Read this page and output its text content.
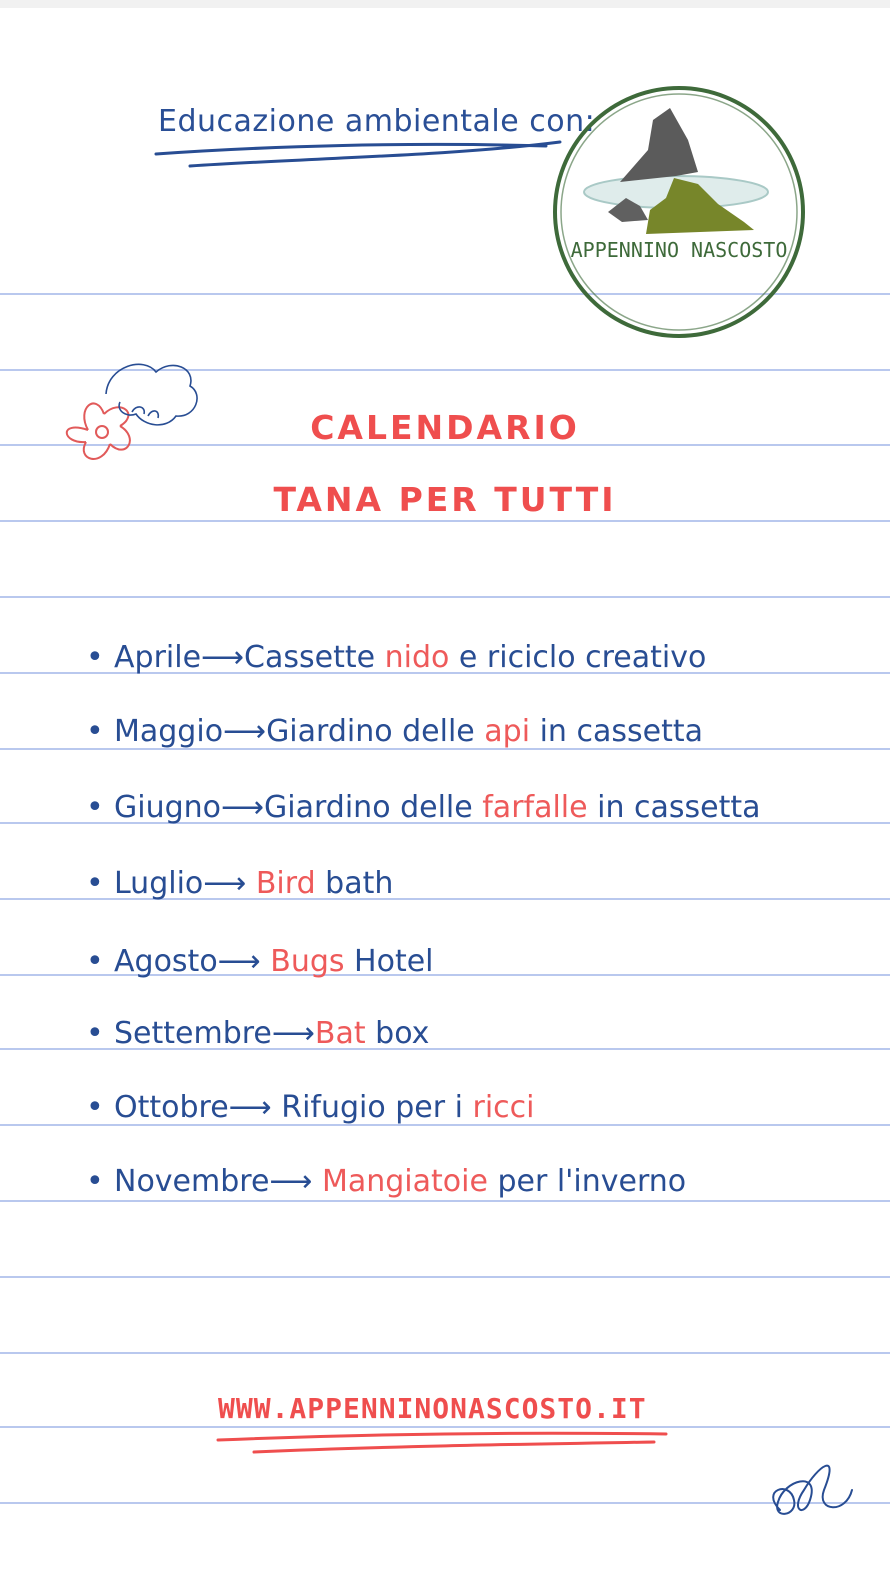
Educazione ambientale con:
APPENNINO NASCOSTO
CALENDARIO
TANA PER TUTTI
• Aprile⟶Cassette nido e riciclo creativo
• Maggio⟶Giardino delle api in cassetta
• Giugno⟶Giardino delle farfalle in cassetta
• Luglio⟶ Bird bath
• Agosto⟶ Bugs Hotel
• Settembre⟶Bat box
• Ottobre⟶ Rifugio per i ricci
• Novembre⟶ Mangiatoie per l'inverno
WWW.APPENNINONASCOSTO.IT
